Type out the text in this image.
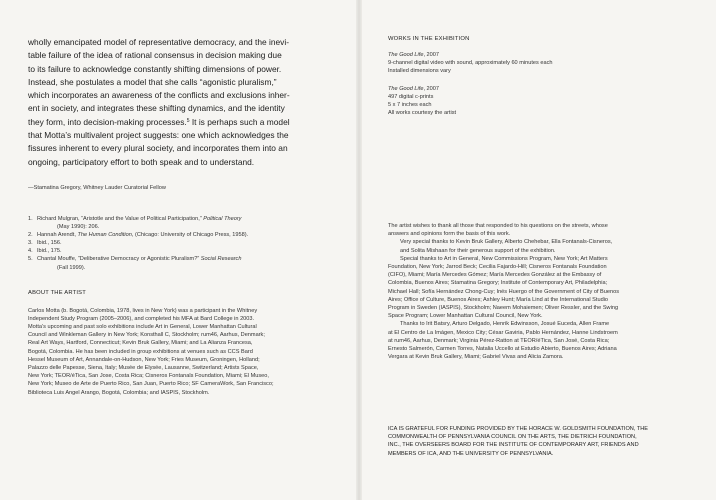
wholly emancipated model of representative democracy, and the inevi-
table failure of the idea of rational consensus in decision making due
to its failure to acknowledge constantly shifting dimensions of power.
Instead, she postulates a model that she calls “agonistic pluralism,”
which incorporates an awareness of the conflicts and exclusions inher-
ent in society, and integrates these shifting dynamics, and the identity
they form, into decision-making processes.$^5$ It is perhaps such a model
that Motta’s multivalent project suggests: one which acknowledges the
fissures inherent to every plural society, and incorporates them into an
ongoing, participatory effort to both speak and to understand.
—Stamatina Gregory, Whitney Lauder Curatorial Fellow
1. Richard Mulgran, “Aristotle and the Value of Political Participation,” Political Theory
(May 1990): 206.
2. Hannah Arendt, The Human Condition, (Chicago: University of Chicago Press, 1958).
3. Ibid., 156.
4. Ibid., 175.
5. Chantal Mouffe, “Deliberative Democracy or Agonistic Pluralism?” Social Research
(Fall 1999).
ABOUT THE ARTIST
Carlos Motta (b. Bogotá, Colombia, 1978, lives in New York) was a participant in the Whitney
Independent Study Program (2005–2006), and completed his MFA at Bard College in 2003.
Motta’s upcoming and past solo exhibitions include Art in General, Lower Manhattan Cultural
Council and Winkleman Gallery in New York; Konsthall C, Stockholm; rum46, Aarhus, Denmark;
Real Art Ways, Hartford, Connecticut; Kevin Bruk Gallery, Miami; and La Alianza Francesa,
Bogotá, Colombia. He has been included in group exhibitions at venues such as CCS Bard
Hessel Museum of Art, Annandale-on-Hudson, New York; Fries Museum, Groningen, Holland;
Palazzo delle Papesse, Siena, Italy; Musée de Elysée, Lausanne, Switzerland; Artists Space,
New York; TEOR/éTica, San Jose, Costa Rica; Cisneros Fontanals Foundation, Miami; El Museo,
New York; Museo de Arte de Puerto Rico, San Juan, Puerto Rico; SF CameraWork, San Francisco;
Biblioteca Luis Angel Arango, Bogotá, Colombia; and IASPIS, Stockholm.
WORKS IN THE EXHIBITION
The Good Life, 2007
9-channel digital video with sound, approximately 60 minutes each
Installed dimensions vary
The Good Life, 2007
497 digital c-prints
5 x 7 inches each
All works courtesy the artist
The artist wishes to thank all those that responded to his questions on the streets, whose
answers and opinions form the basis of this work.
Very special thanks to Kevin Bruk Gallery, Alberto Chehebar, Ella Fontanals-Cisneros,
and Solita Mishaan for their generous support of the exhibition.
Special thanks to Art in General, New Commissions Program, New York; Art Matters
Foundation, New York; Jarrod Beck; Cecilia Fajardo-Hill; Cisneros Fontanals Foundation
(CIFO), Miami; María Mercedes Gómez; María Mercedes González at the Embassy of
Colombia, Buenos Aires; Stamatina Gregory; Institute of Contemporary Art, Philadelphia;
Michael Hall; Sofía Hernández Chong-Cuy; Inés Huergo of the Government of City of Buenos
Aires; Office of Culture, Buenos Aires; Ashley Hunt; María Lind at the International Studio
Program in Sweden (IASPIS), Stockholm; Naeem Mohaiemen; Oliver Ressler, and the Swing
Space Program; Lower Manhattan Cultural Council, New York.
Thanks to Irit Batsry, Arturo Delgado, Henrik Edwinsson, Josué Euceda, Allen Frame
at El Centro de La Imágen, Mexico City; César Gaviria, Pablo Hernández, Hanne Lindstroem
at rum46, Aarhus, Denmark; Virginia Pérez-Ratton at TEOR/éTica, San José, Costa Rica;
Ernesto Salmerón, Carmen Torres, Natalia Uccello at Estudio Abierto, Buenos Aires; Adriana
Vergara at Kevin Bruk Gallery, Miami; Gabriel Vivas and Alicia Zamora.
ICA IS GRATEFUL FOR FUNDING PROVIDED BY THE HORACE W. GOLDSMITH FOUNDATION, THE
COMMONWEALTH OF PENNSYLVANIA COUNCIL ON THE ARTS, THE DIETRICH FOUNDATION,
INC., THE OVERSEERS BOARD FOR THE INSTITUTE OF CONTEMPORARY ART, FRIENDS AND
MEMBERS OF ICA, AND THE UNIVERSITY OF PENNSYLVANIA.
